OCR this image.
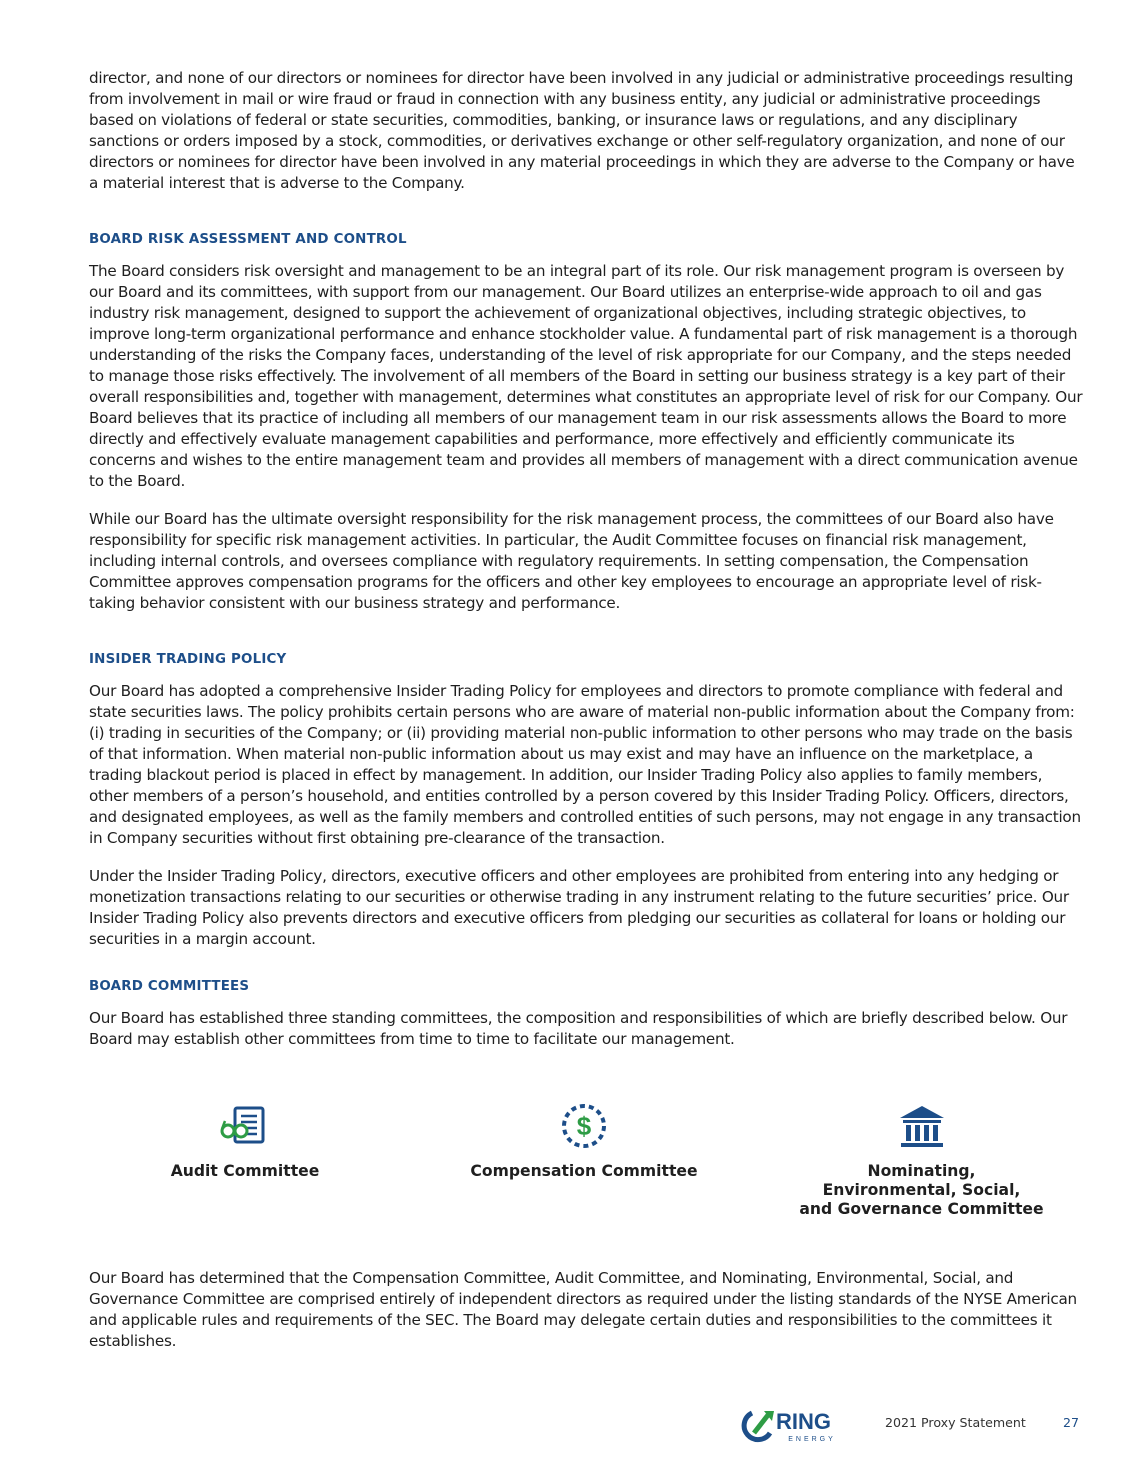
director, and none of our directors or nominees for director have been involved in any judicial or administrative proceedings resulting from involvement in mail or wire fraud or fraud in connection with any business entity, any judicial or administrative proceedings based on violations of federal or state securities, commodities, banking, or insurance laws or regulations, and any disciplinary sanctions or orders imposed by a stock, commodities, or derivatives exchange or other self-regulatory organization, and none of our directors or nominees for director have been involved in any material proceedings in which they are adverse to the Company or have a material interest that is adverse to the Company.

BOARD RISK ASSESSMENT AND CONTROL

The Board considers risk oversight and management to be an integral part of its role. Our risk management program is overseen by our Board and its committees, with support from our management. Our Board utilizes an enterprise-wide approach to oil and gas industry risk management, designed to support the achievement of organizational objectives, including strategic objectives, to improve long-term organizational performance and enhance stockholder value. A fundamental part of risk management is a thorough understanding of the risks the Company faces, understanding of the level of risk appropriate for our Company, and the steps needed to manage those risks effectively. The involvement of all members of the Board in setting our business strategy is a key part of their overall responsibilities and, together with management, determines what constitutes an appropriate level of risk for our Company. Our Board believes that its practice of including all members of our management team in our risk assessments allows the Board to more directly and effectively evaluate management capabilities and performance, more effectively and efficiently communicate its concerns and wishes to the entire management team and provides all members of management with a direct communication avenue to the Board.

While our Board has the ultimate oversight responsibility for the risk management process, the committees of our Board also have responsibility for specific risk management activities. In particular, the Audit Committee focuses on financial risk management, including internal controls, and oversees compliance with regulatory requirements. In setting compensation, the Compensation Committee approves compensation programs for the officers and other key employees to encourage an appropriate level of risk-taking behavior consistent with our business strategy and performance.

INSIDER TRADING POLICY

Our Board has adopted a comprehensive Insider Trading Policy for employees and directors to promote compliance with federal and state securities laws. The policy prohibits certain persons who are aware of material non-public information about the Company from: (i) trading in securities of the Company; or (ii) providing material non-public information to other persons who may trade on the basis of that information. When material non-public information about us may exist and may have an influence on the marketplace, a trading blackout period is placed in effect by management. In addition, our Insider Trading Policy also applies to family members, other members of a person’s household, and entities controlled by a person covered by this Insider Trading Policy. Officers, directors, and designated employees, as well as the family members and controlled entities of such persons, may not engage in any transaction in Company securities without first obtaining pre-clearance of the transaction.

Under the Insider Trading Policy, directors, executive officers and other employees are prohibited from entering into any hedging or monetization transactions relating to our securities or otherwise trading in any instrument relating to the future securities’ price. Our Insider Trading Policy also prevents directors and executive officers from pledging our securities as collateral for loans or holding our securities in a margin account.

BOARD COMMITTEES

Our Board has established three standing committees, the composition and responsibilities of which are briefly described below. Our Board may establish other committees from time to time to facilitate our management.

Audit Committee
$
Compensation Committee	Nominating,
Environmental, Social,
and Governance Committee

Our Board has determined that the Compensation Committee, Audit Committee, and Nominating, Environmental, Social, and Governance Committee are comprised entirely of independent directors as required under the listing standards of the NYSE American and applicable rules and requirements of the SEC. The Board may delegate certain duties and responsibilities to the committees it establishes.

RING
ENERGY
2021 Proxy Statement	27
